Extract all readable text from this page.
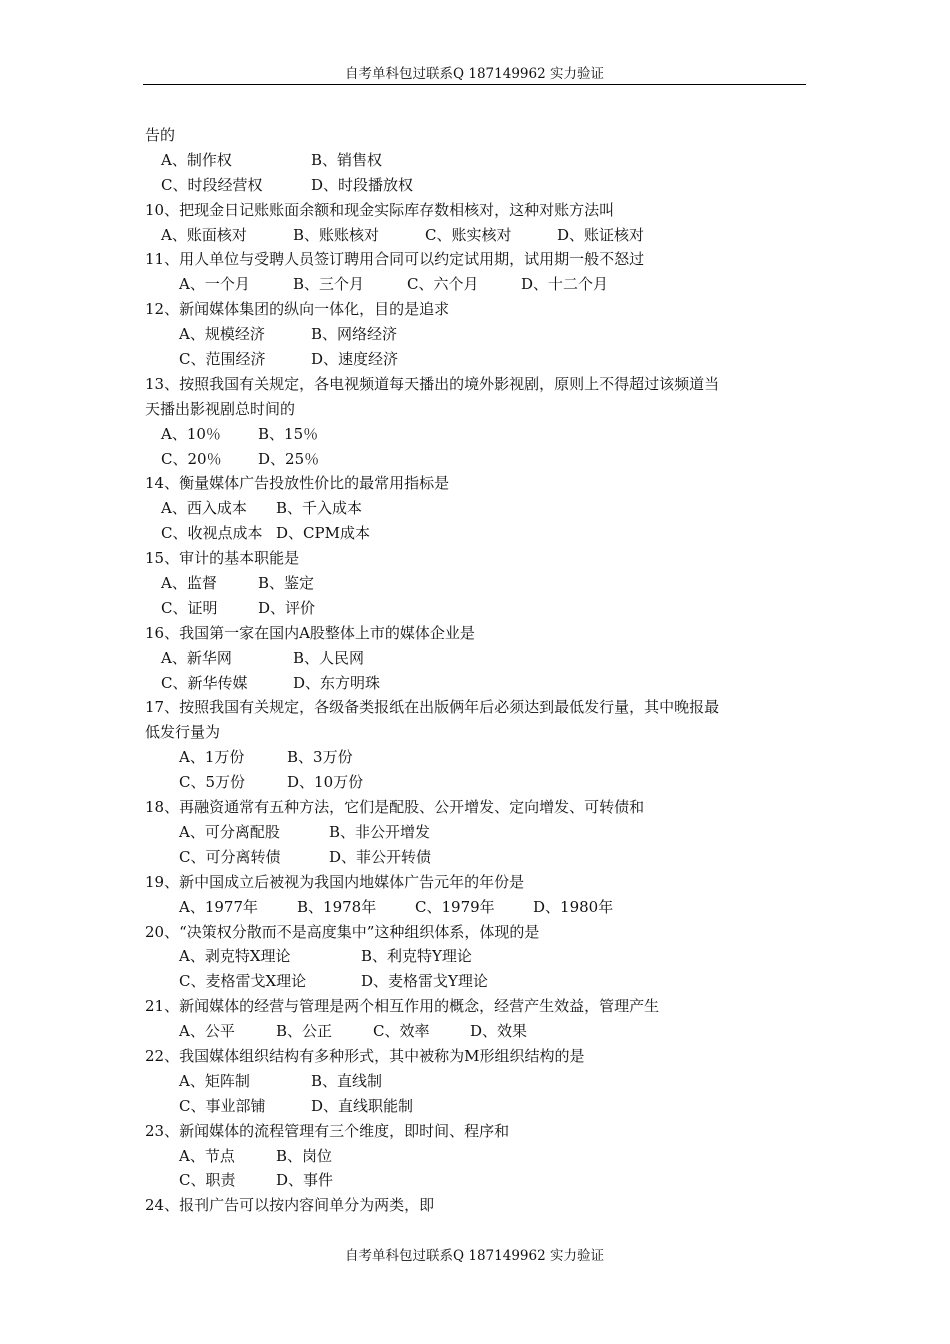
自考单科包过联系Q 187149962 实力验证
告的
A、制作权	B、销售权
C、时段经营权	D、时段播放权
10、把现金日记账账面余额和现金实际库存数相核对，这种对账方法叫
A、账面核对	B、账账核对	C、账实核对	D、账证核对
11、用人单位与受聘人员签订聘用合同可以约定试用期，试用期一般不怒过
A、一个月	B、三个月	C、六个月	D、十二个月
12、新闻媒体集团的纵向一体化，目的是追求
A、规模经济	B、网络经济
C、范围经济	D、速度经济
13、按照我国有关规定，各电视频道每天播出的境外影视剧，原则上不得超过该频道当
天播出影视剧总时间的
A、10％ B、15％
C、20％ D、25％
14、衡量媒体广告投放性价比的最常用指标是
A、西入成本 B、千入成本
C、收视点成本 D、CPM成本
15、审计的基本职能是
A、监督	B、鉴定
C、证明	D、评价
16、我国第一家在国内A股整体上市的媒体企业是
A、新华网	B、人民网
C、新华传媒	D、东方明珠
17、按照我国有关规定，各级备类报纸在出版俩年后必须达到最低发行量，其中晚报最
低发行量为
A、1万份	B、3万份
C、5万份	D、10万份
18、再融资通常有五种方法，它们是配股、公开增发、定向增发、可转债和
A、可分离配股	B、非公开增发
C、可分离转债	D、菲公开转债
19、新中国成立后被视为我国内地媒体广告元年的年份是
A、1977年	B、1978年	C、1979年	D、1980年
20、“决策权分散而不是高度集中”这种组织体系，体现的是
A、剥克特X理论	B、利克特Y理论
C、麦格雷戈X理论	D、麦格雷戈Y理论
21、新闻媒体的经营与管理是两个相互作用的概念，经营产生效益，管理产生
A、公平	B、公正	C、效率	D、效果
22、我国媒体组织结构有多种形式，其中被称为M形组织结构的是
A、矩阵制	B、直线制
C、事业部铺	D、直线职能制
23、新闻媒体的流程管理有三个维度，即时间、程序和
A、节点	B、岗位
C、职责	D、事件
24、报刊广告可以按内容间单分为两类，即
自考单科包过联系Q 187149962 实力验证
